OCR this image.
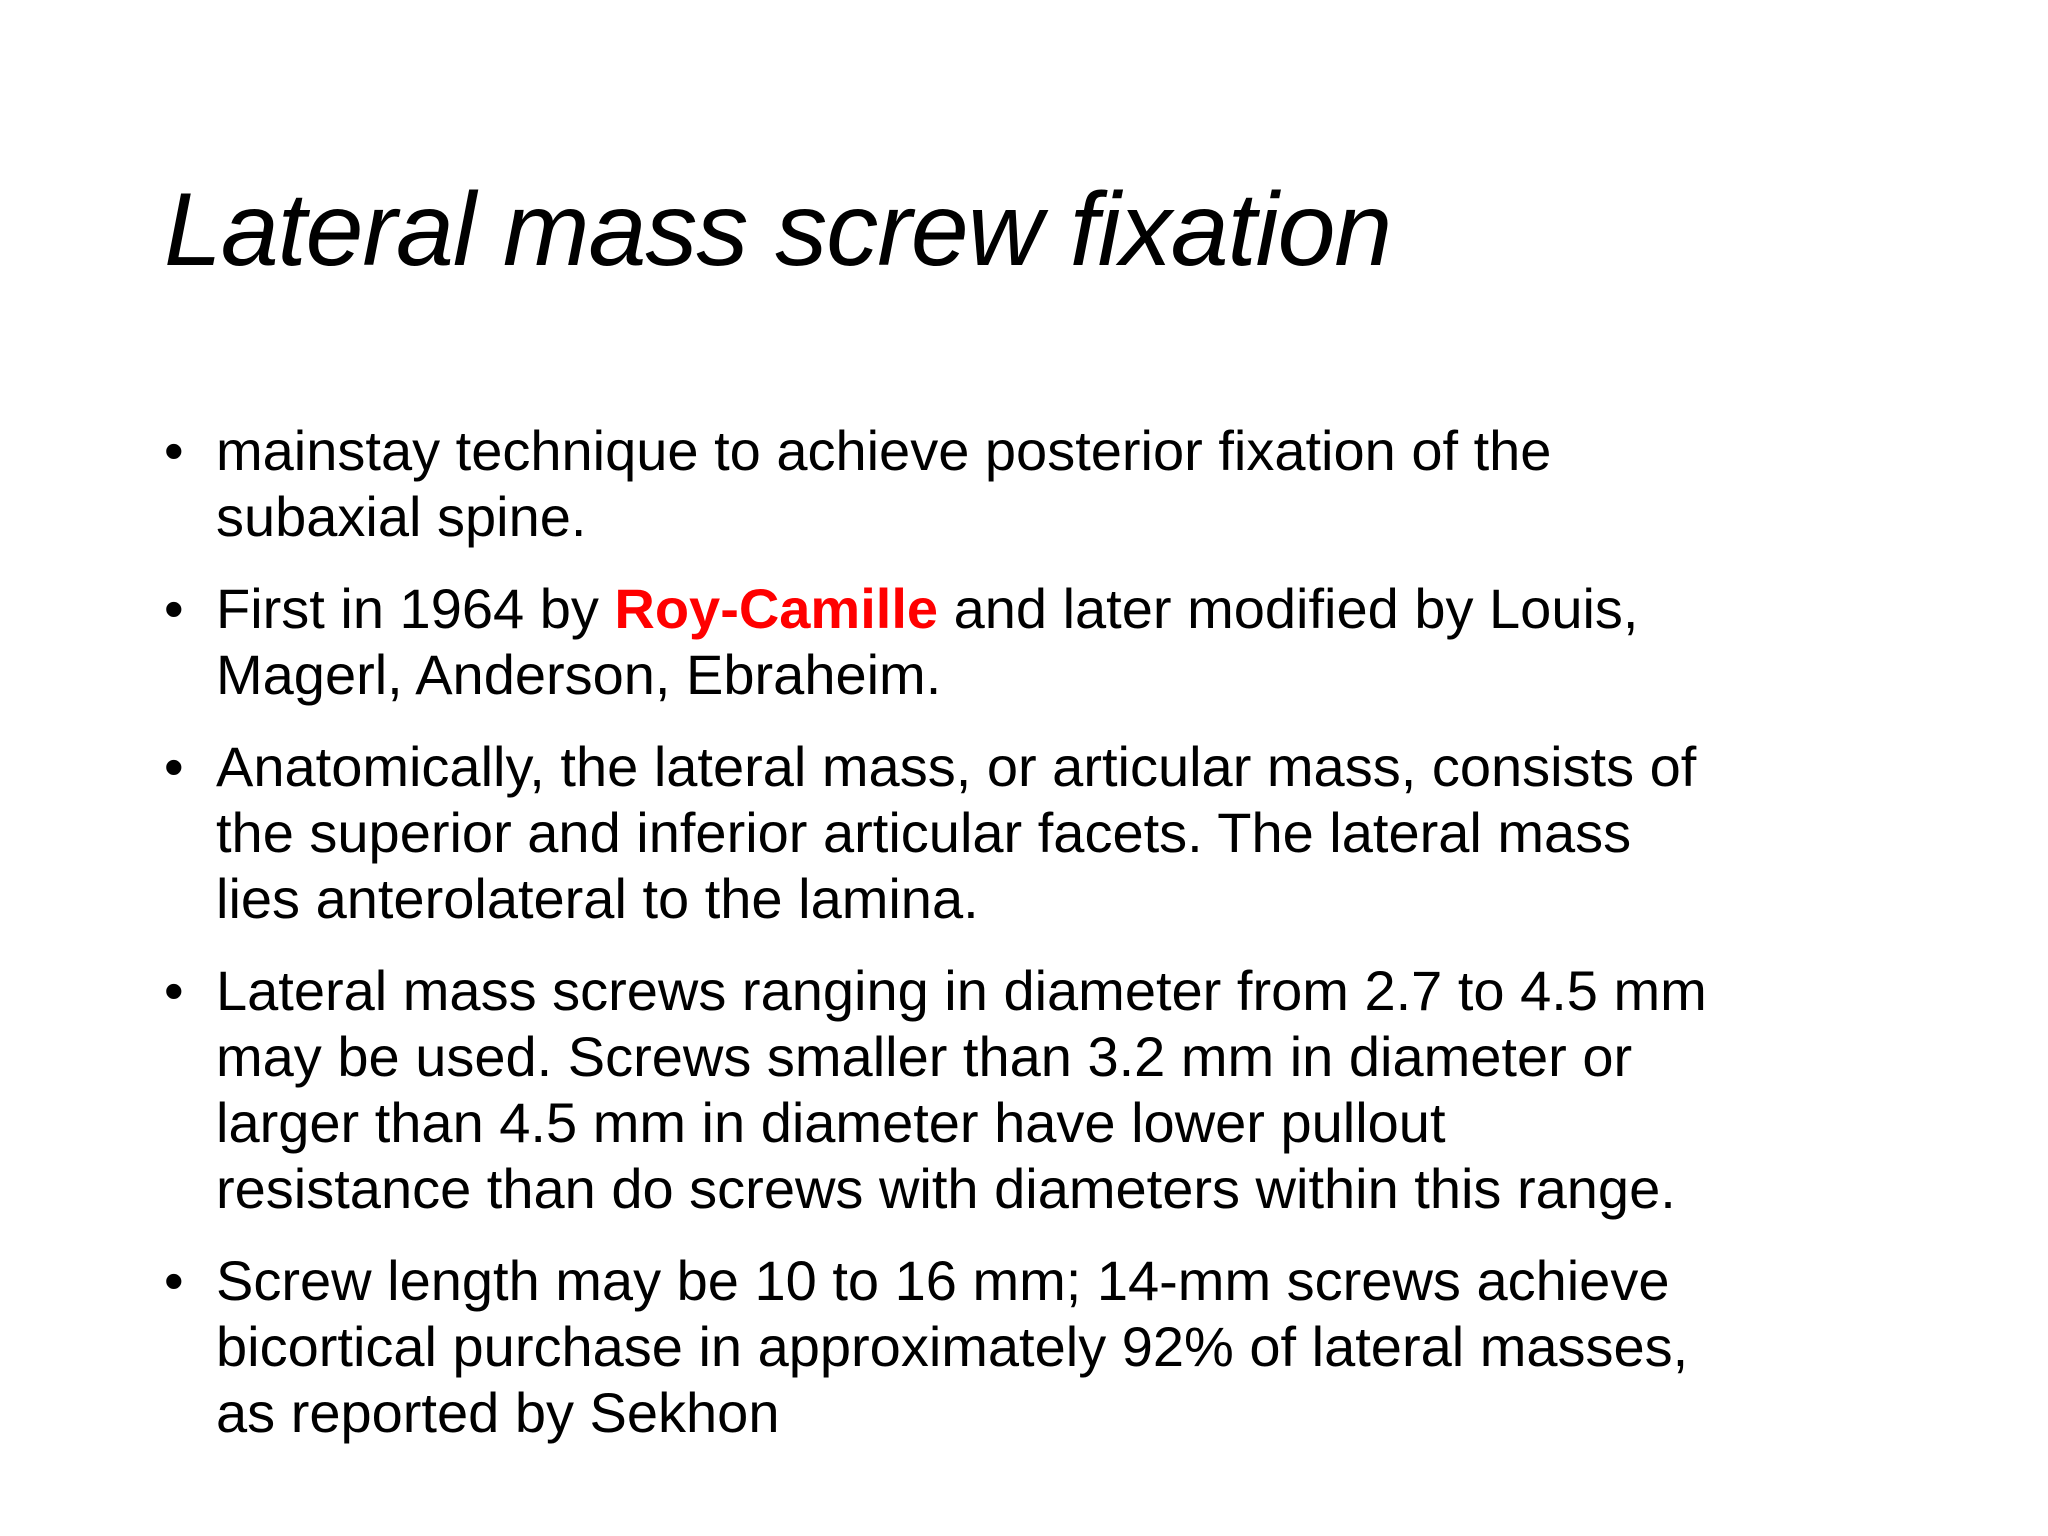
Lateral mass screw fixation
• mainstay technique to achieve posterior fixation of the
subaxial spine.
• First in 1964 by Roy-Camille and later modified by Louis,
Magerl, Anderson, Ebraheim.
• Anatomically, the lateral mass, or articular mass, consists of
the superior and inferior articular facets. The lateral mass
lies anterolateral to the lamina.
• Lateral mass screws ranging in diameter from 2.7 to 4.5 mm
may be used. Screws smaller than 3.2 mm in diameter or
larger than 4.5 mm in diameter have lower pullout
resistance than do screws with diameters within this range.
• Screw length may be 10 to 16 mm; 14-mm screws achieve
bicortical purchase in approximately 92% of lateral masses,
as reported by Sekhon
